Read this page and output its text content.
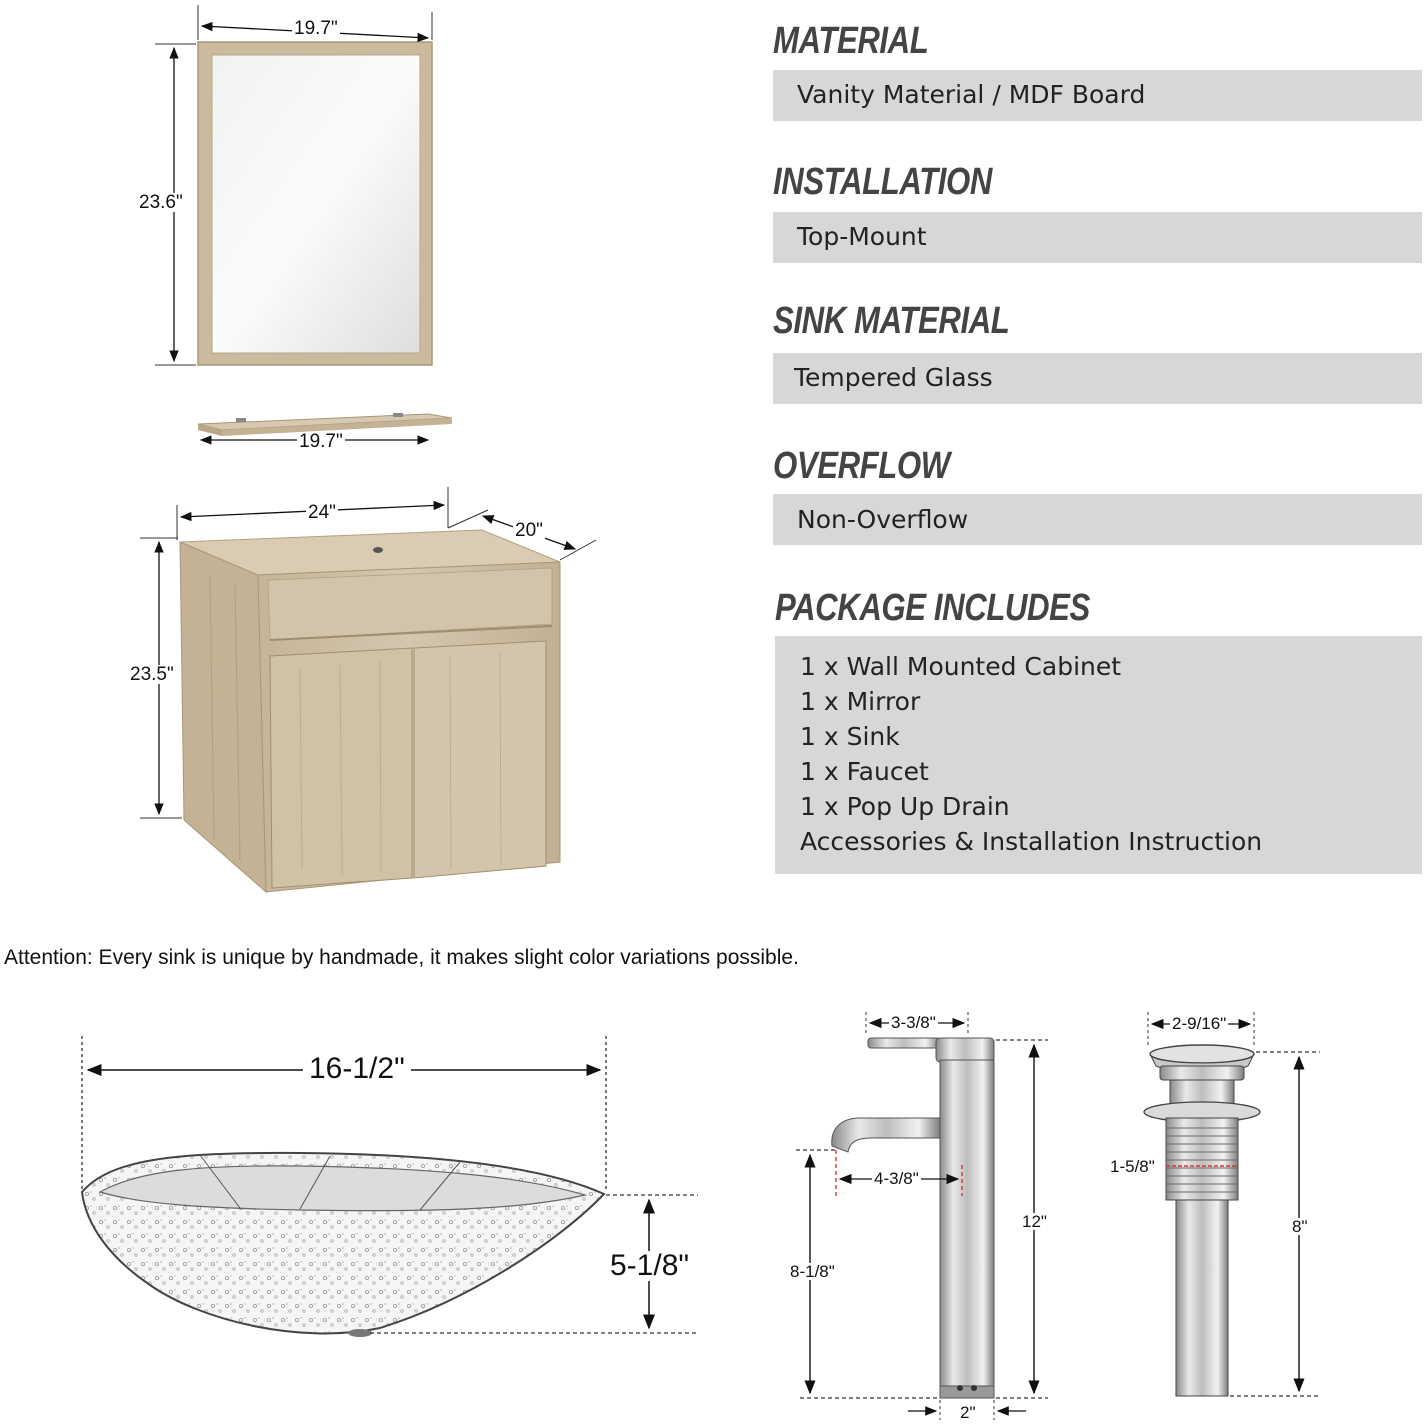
19.7"
23.6"
19.7"
24"
20"
23.5"
MATERIAL
Vanity Material / MDF Board
INSTALLATION
Top-Mount
SINK MATERIAL
Tempered Glass
OVERFLOW
Non-Overflow
PACKAGE INCLUDES
1 x Wall Mounted Cabinet
1 x Mirror
1 x Sink
1 x Faucet
1 x Pop Up Drain
Accessories & Installation Instruction
Attention: Every sink is unique by handmade, it makes slight color variations possible.
16-1/2"
5-1/8"
3-3/8"
4-3/8"
12"
8-1/8"
2"
2-9/16"
1-5/8"
8"
